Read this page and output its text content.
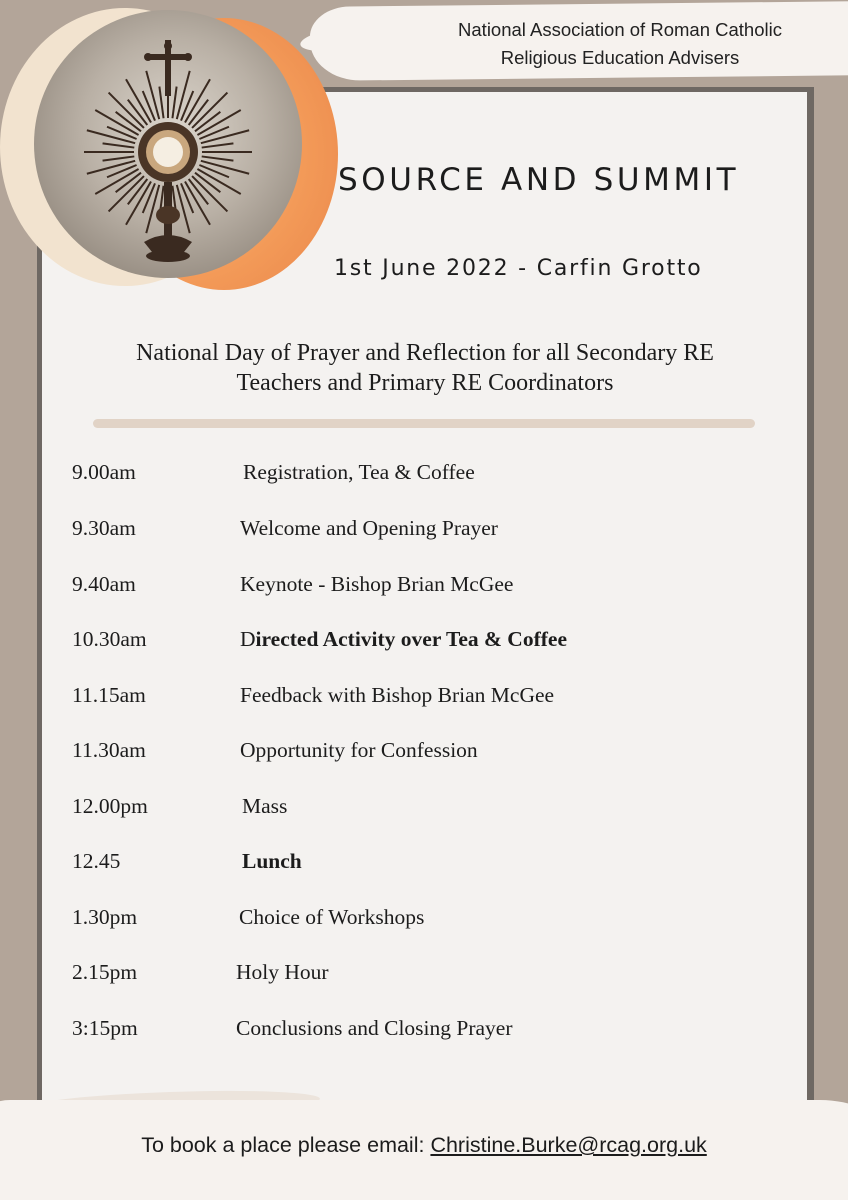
National Association of Roman Catholic
Religious Education Advisers
SOURCE AND SUMMIT
1st June 2022 - Carfin Grotto
National Day of Prayer and Reflection for all Secondary RE
Teachers and Primary RE Coordinators
9.00am	Registration, Tea & Coffee
9.30am	Welcome and Opening Prayer
9.40am	Keynote - Bishop Brian McGee
10.30am	Directed Activity over Tea & Coffee
11.15am	Feedback with Bishop Brian McGee
11.30am	Opportunity for Confession
12.00pm	Mass
12.45	Lunch
1.30pm	Choice of Workshops
2.15pm	Holy Hour
3:15pm	Conclusions and Closing Prayer
To book a place please email: Christine.Burke@rcag.org.uk
